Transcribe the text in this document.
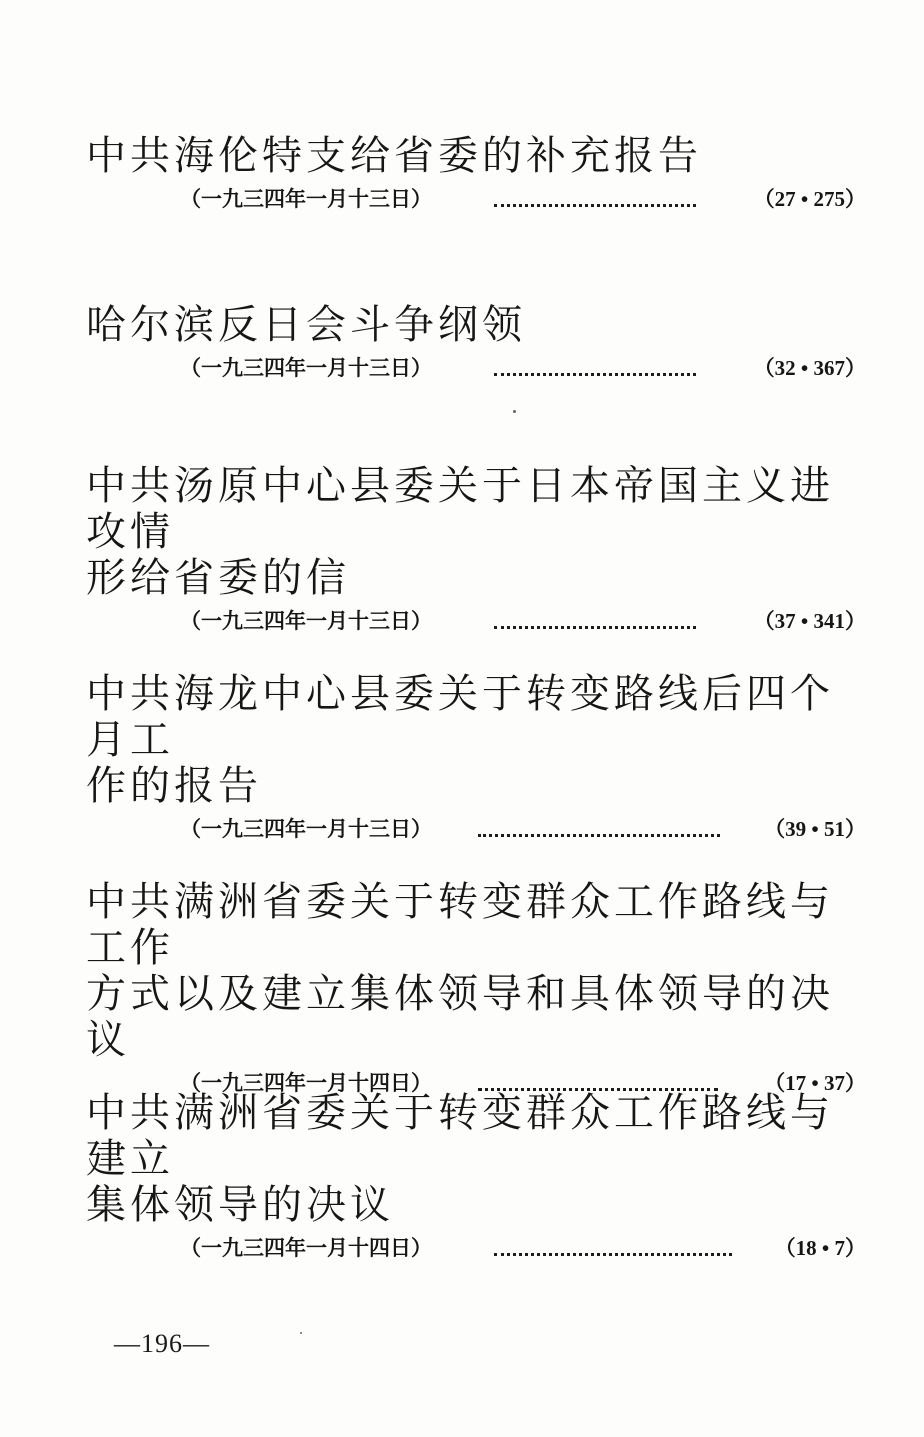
中共海伦特支给省委的补充报告
（一九三四年一月十三日）	（27 • 275）
哈尔滨反日会斗争纲领
（一九三四年一月十三日）	（32 • 367）
中共汤原中心县委关于日本帝国主义进攻情
形给省委的信
（一九三四年一月十三日）	（37 • 341）
中共海龙中心县委关于转变路线后四个月工
作的报告
（一九三四年一月十三日）	（39 • 51）
中共满洲省委关于转变群众工作路线与工作
方式以及建立集体领导和具体领导的决议
（一九三四年一月十四日）	（17 • 37）
中共满洲省委关于转变群众工作路线与建立
集体领导的决议
（一九三四年一月十四日）	（18 • 7）
—196—
